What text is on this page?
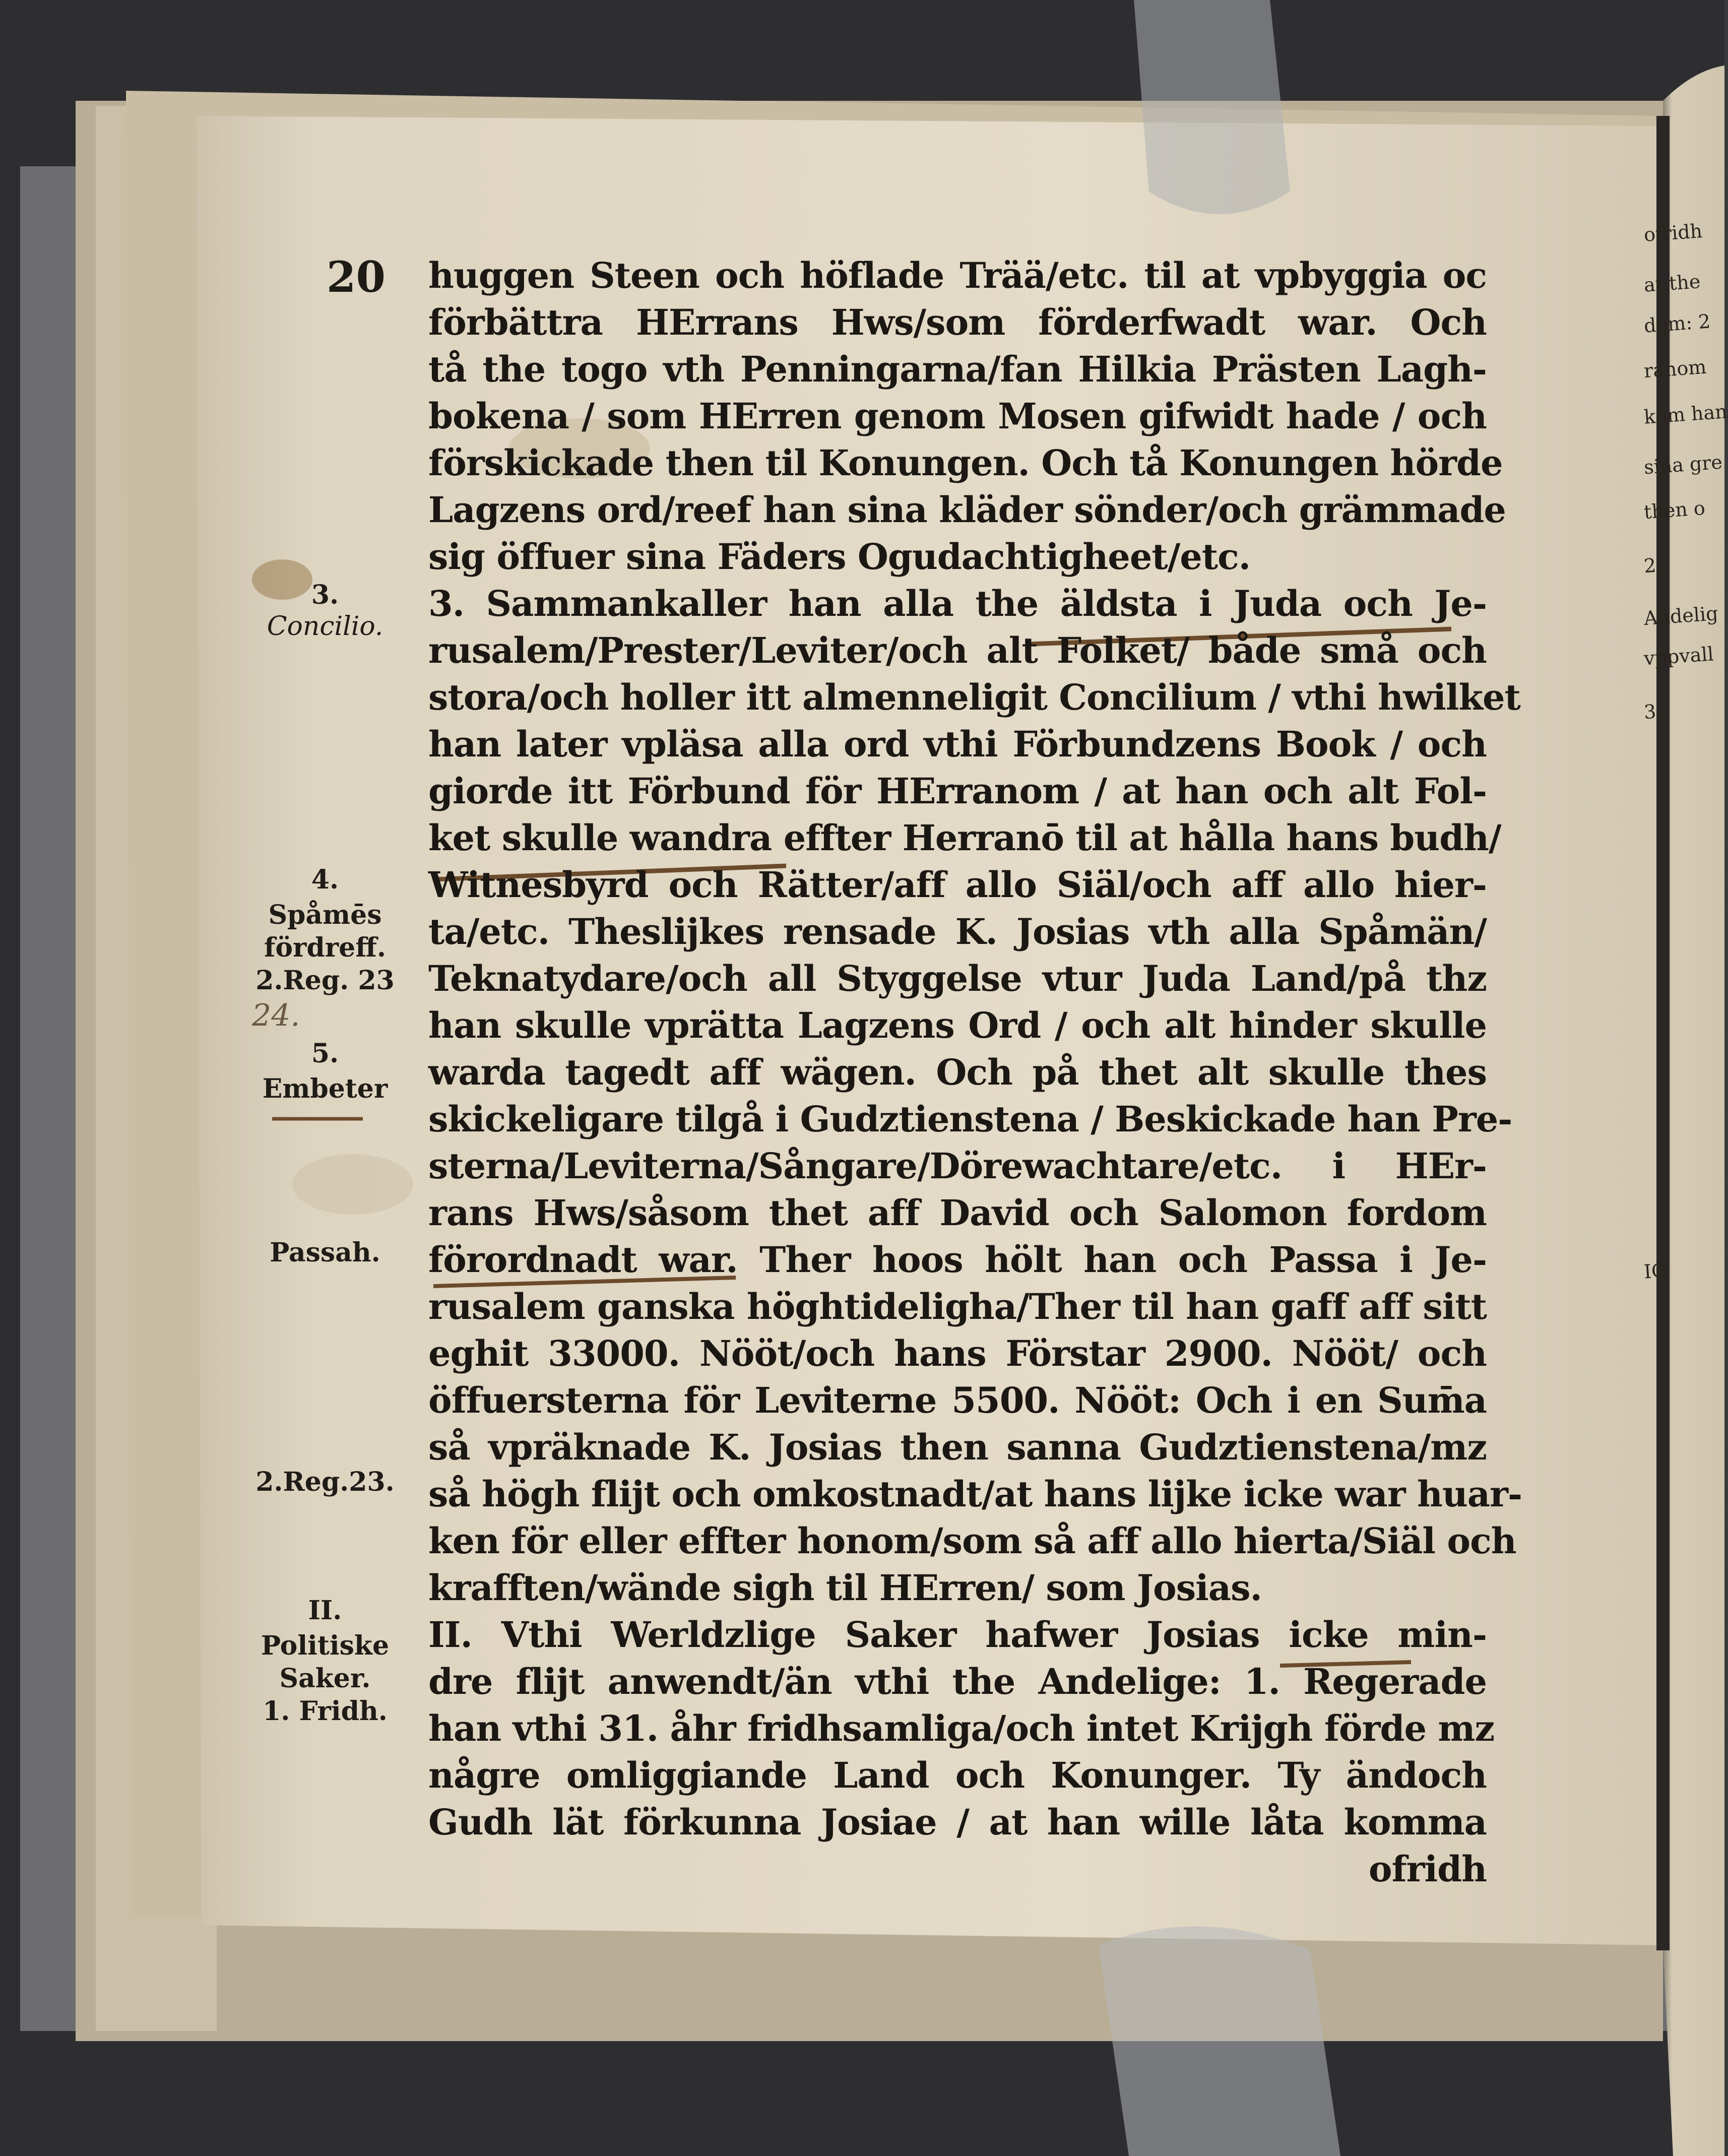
20
3.
Concilio.
4.
Spåmēs
fördreff.
2.Reg. 23
5.
Embeter
Passah.
2.Reg.23.
II.
Politiske
Saker.
1. Fridh.
24.
huggen Steen och höflade Trää/etc. til at vpbyggia oc
förbättra HErrans Hws/som förderfwadt war. Och
tå the togo vth Penningarna/fan Hilkia Prästen Lagh-
bokena / som HErren genom Mosen gifwidt hade / och
förskickade then til Konungen. Och tå Konungen hörde
Lagzens ord/reef han sina kläder sönder/och grämmade
sig öffuer sina Fäders Ogudachtigheet/etc.
3. Sammankaller han alla the äldsta i Juda och Je-
rusalem/Prester/Leviter/och alt Folket/ både små och
stora/och holler itt almenneligit Concilium / vthi hwilket
han later vpläsa alla ord vthi Förbundzens Book / och
giorde itt Förbund för HErranom / at han och alt Fol-
ket skulle wandra effter Herranō til at hålla hans budh/
Witnesbyrd och Rätter/aff allo Siäl/och aff allo hier-
ta/etc. Theslijkes rensade K. Josias vth alla Spåmän/
Teknatydare/och all Styggelse vtur Juda Land/på thz
han skulle vprätta Lagzens Ord / och alt hinder skulle
warda tagedt aff wägen. Och på thet alt skulle thes
skickeligare tilgå i Gudztienstena / Beskickade han Pre-
sterna/Leviterna/Sångare/Dörewachtare/etc. i HEr-
rans Hws/såsom thet aff David och Salomon fordom
förordnadt war. Ther hoos hölt han och Passa i Je-
rusalem ganska höghtideligha/Ther til han gaff aff sitt
eghit 33000. Nööt/och hans Förstar 2900. Nööt/ och
öffuersterna för Leviterne 5500. Nööt: Och i en Sum̄a
så vpräknade K. Josias then sanna Gudztienstena/mz
så högh flijt och omkostnadt/at hans lijke icke war huar-
ken för eller effter honom/som så aff allo hierta/Siäl och
krafften/wände sigh til HErren/ som Josias.
II. Vthi Werldzlige Saker hafwer Josias icke min-
dre flijt anwendt/än vthi the Andelige: 1. Regerade
han vthi 31. åhr fridhsamliga/och intet Krijgh förde mz
någre omliggiande Land och Konunger. Ty ändoch
Gudh lät förkunna Josiae / at han wille låta komma
ofridh
ofridh
at the
dom: 2
ranom
kom han
sina gre
then o
2.
Andelig
vppvall
3.
IO
